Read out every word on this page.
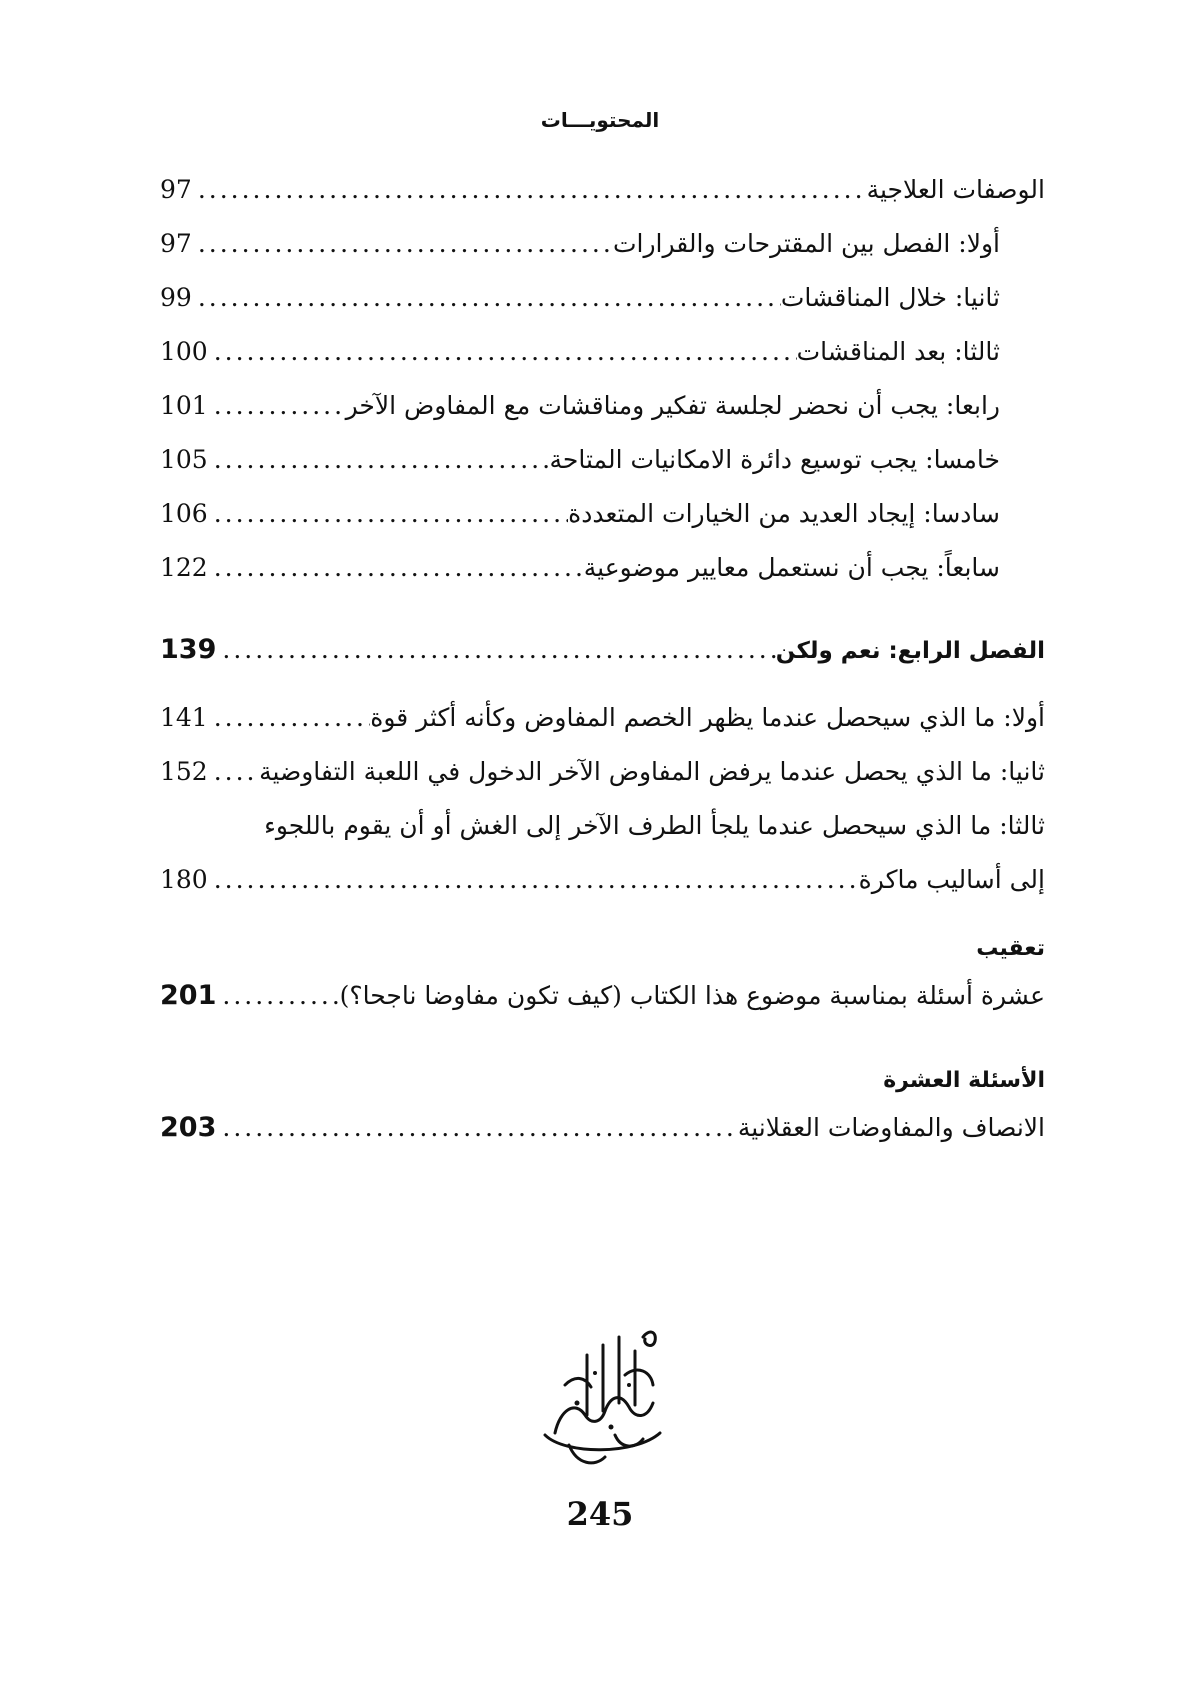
المحتويـــات
الوصفات العلاجية
.....
97
أولا: الفصل بين المقترحات والقرارات
.....
97
ثانيا: خلال المناقشات
.....
99
ثالثا: بعد المناقشات
.....
100
رابعا: يجب أن نحضر لجلسة تفكير ومناقشات مع المفاوض الآخر
.....
101
خامسا: يجب توسيع دائرة الامكانيات المتاحة
.....
105
سادسا: إيجاد العديد من الخيارات المتعددة
.....
106
سابعاً: يجب أن نستعمل معايير موضوعية
.....
122
الفصل الرابع: نعم ولكن
.....
139
أولا: ما الذي سيحصل عندما يظهر الخصم المفاوض وكأنه أكثر قوة
.....
141
ثانيا: ما الذي يحصل عندما يرفض المفاوض الآخر الدخول في اللعبة التفاوضية
.....
152
ثالثا: ما الذي سيحصل عندما يلجأ الطرف الآخر إلى الغش أو أن يقوم باللجوء
إلى أساليب ماكرة
.....
180
تعقيب
عشرة أسئلة بمناسبة موضوع هذا الكتاب (كيف تكون مفاوضا ناجحا؟)
.....
201
الأسئلة العشرة
الانصاف والمفاوضات العقلانية
.....
203
245
